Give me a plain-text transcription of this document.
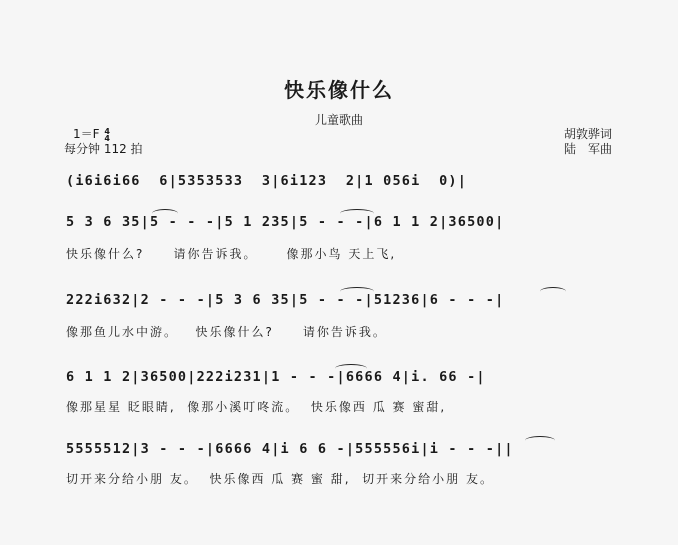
快乐像什么
儿童歌曲
1＝F 4
4
每分钟 112 拍
胡敦骅词
陆　军曲
(i6i6i66  6|5353533  3|6i123  2|1 056i  0)|
5 3 6 35|5 - - -|5 1 235|5 - - -|6 1 1 2|36500|
快乐像什么?     请你告诉我。     像那小鸟 天上飞,
222i632|2 - - -|5 3 6 35|5 - - -|51236|6 - - -|
像那鱼儿水中游。   快乐像什么?     请你告诉我。
6 1 1 2|36500|222i231|1 - - -|6666 4|i. 66 -|
像那星星 眨眼睛,  像那小溪叮咚流。  快乐像西 瓜 赛 蜜甜,
5555512|3 - - -|6666 4|i 6 6 -|555556i|i - - -||
切开来分给小朋 友。  快乐像西 瓜 赛 蜜 甜,  切开来分给小朋 友。
